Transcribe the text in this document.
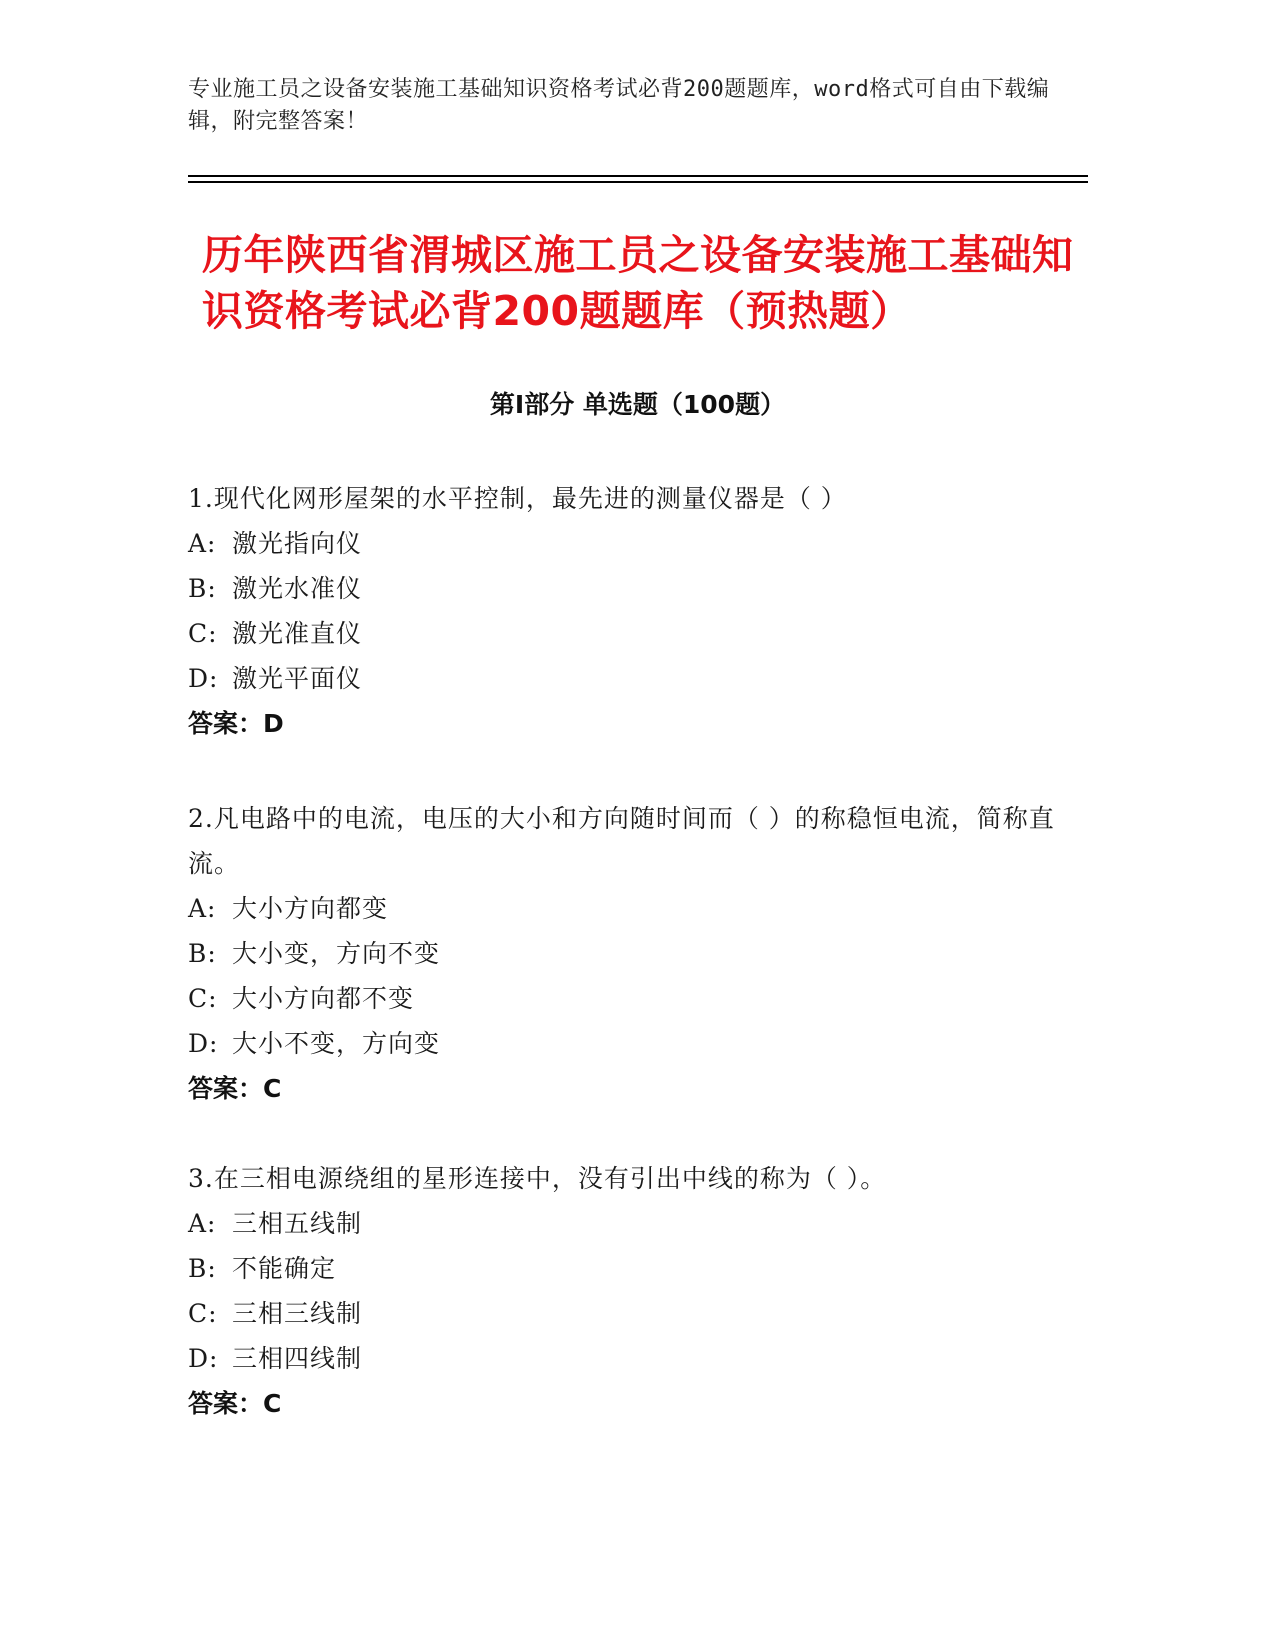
专业施工员之设备安装施工基础知识资格考试必背200题题库，word格式可自由下载编辑，附完整答案！
历年陕西省渭城区施工员之设备安装施工基础知识资格考试必背200题题库（预热题）
第I部分 单选题（100题）
1.现代化网形屋架的水平控制，最先进的测量仪器是（ ）
A: 激光指向仪
B: 激光水准仪
C: 激光准直仪
D: 激光平面仪
答案：D
2.凡电路中的电流，电压的大小和方向随时间而（ ）的称稳恒电流，简称直流。
A: 大小方向都变
B: 大小变，方向不变
C: 大小方向都不变
D: 大小不变，方向变
答案：C
3.在三相电源绕组的星形连接中，没有引出中线的称为（ ）。
A: 三相五线制
B: 不能确定
C: 三相三线制
D: 三相四线制
答案：C
